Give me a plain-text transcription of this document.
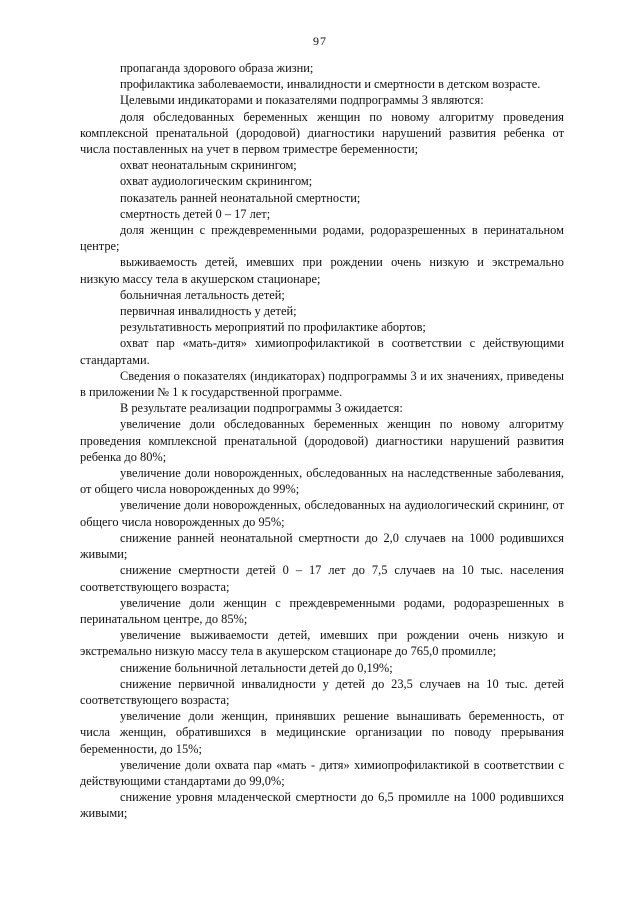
97

пропаганда здорового образа жизни;

профилактика заболеваемости, инвалидности и смертности в детском возрасте.

Целевыми индикаторами и показателями подпрограммы 3 являются:

доля обследованных беременных женщин по новому алгоритму проведения комплексной пренатальной (дородовой) диагностики нарушений развития ребенка от числа поставленных на учет в первом триместре беременности;

охват неонатальным скринингом;

охват аудиологическим скринингом;

показатель ранней неонатальной смертности;

смертность детей 0 – 17 лет;

доля женщин с преждевременными родами, родоразрешенных в перинатальном центре;

выживаемость детей, имевших при рождении очень низкую и экстремально низкую массу тела в акушерском стационаре;

больничная летальность детей;

первичная инвалидность у детей;

результативность мероприятий по профилактике абортов;

охват пар «мать-дитя» химиопрофилактикой в соответствии с действующими стандартами.

Сведения о показателях (индикаторах) подпрограммы 3 и их значениях, приведены в приложении № 1 к государственной программе.

В результате реализации подпрограммы 3 ожидается:

увеличение доли обследованных беременных женщин по новому алгоритму проведения комплексной пренатальной (дородовой) диагностики нарушений развития ребенка до 80%;

увеличение доли новорожденных, обследованных на наследственные заболевания, от общего числа новорожденных до 99%;

увеличение доли новорожденных, обследованных на аудиологический скрининг, от общего числа новорожденных до 95%;

снижение ранней неонатальной смертности до 2,0 случаев на 1000 родившихся живыми;

снижение смертности детей 0 – 17 лет до 7,5 случаев на 10 тыс. населения соответствующего возраста;

увеличение доли женщин с преждевременными родами, родоразрешенных в перинатальном центре, до 85%;

увеличение выживаемости детей, имевших при рождении очень низкую и экстремально низкую массу тела в акушерском стационаре до 765,0 промилле;

снижение больничной летальности детей до 0,19%;

снижение первичной инвалидности у детей до 23,5 случаев на 10 тыс. детей соответствующего возраста;

увеличение доли женщин, принявших решение вынашивать беременность, от числа женщин, обратившихся в медицинские организации по поводу прерывания беременности, до 15%;

увеличение доли охвата пар «мать - дитя» химиопрофилактикой в соответствии с действующими стандартами до 99,0%;

снижение уровня младенческой смертности до 6,5 промилле на 1000 родившихся живыми;
